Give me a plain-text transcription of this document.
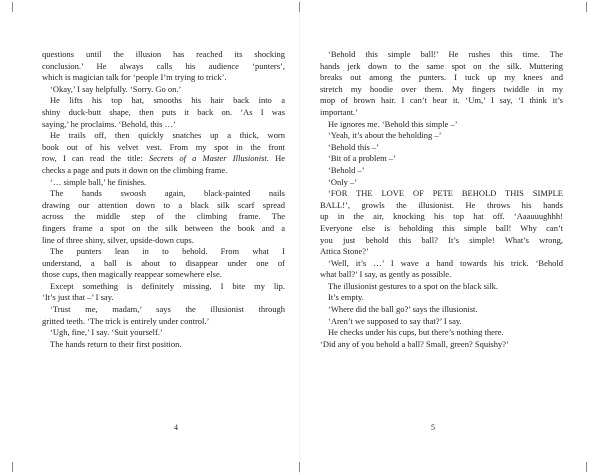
questions until the illusion has reached its shocking
conclusion.’ He always calls his audience ‘punters’,
which is magician talk for ‘people I’m trying to trick’.
‘Okay,’ I say helpfully. ‘Sorry. Go on.’
He lifts his top hat, smooths his hair back into a
shiny duck-butt shape, then puts it back on. ‘As I was
saying,’ he proclaims. ‘Behold, this …’
He trails off, then quickly snatches up a thick, worn
book out of his velvet vest. From my spot in the front
row, I can read the title: Secrets of a Master Illusionist. He
checks a page and puts it down on the climbing frame.
‘… simple ball,’ he finishes.
The hands swoosh again, black-painted nails
drawing our attention down to a black silk scarf spread
across the middle step of the climbing frame. The
fingers frame a spot on the silk between the book and a
line of three shiny, silver, upside-down cups.
The punters lean in to behold. From what I
understand, a ball is about to disappear under one of
those cups, then magically reappear somewhere else.
Except something is definitely missing. I bite my lip.
‘It’s just that –’ I say.
‘Trust me, madam,’ says the illusionist through
gritted teeth. ‘The trick is entirely under control.’
‘Ugh, fine,’ I say. ‘Suit yourself.’
The hands return to their first position.
‘Behold this simple ball!’ He rushes this time. The
hands jerk down to the same spot on the silk. Muttering
breaks out among the punters. I tuck up my knees and
stretch my hoodie over them. My fingers twiddle in my
mop of brown hair. I can’t bear it. ‘Um,’ I say, ‘I think it’s
important.’
He ignores me. ‘Behold this simple –’
‘Yeah, it’s about the beholding –’
‘Behold this –’
‘Bit of a problem –’
‘Behold –’
‘Only –’
‘FOR THE LOVE OF PETE BEHOLD THIS SIMPLE
BALL!’, growls the illusionist. He throws his hands
up in the air, knocking his top hat off. ‘Aaauuughhh!
Everyone else is beholding this simple ball! Why can’t
you just behold this ball? It’s simple! What’s wrong,
Attica Stone?’
‘Well, it’s …’ I wave a hand towards his trick. ‘Behold
what ball?’ I say, as gently as possible.
The illusionist gestures to a spot on the black silk.
It’s empty.
‘Where did the ball go?’ says the illusionist.
‘Aren’t we supposed to say that?’ I say.
He checks under his cups, but there’s nothing there.
‘Did any of you behold a ball? Small, green? Squishy?’
4	5
